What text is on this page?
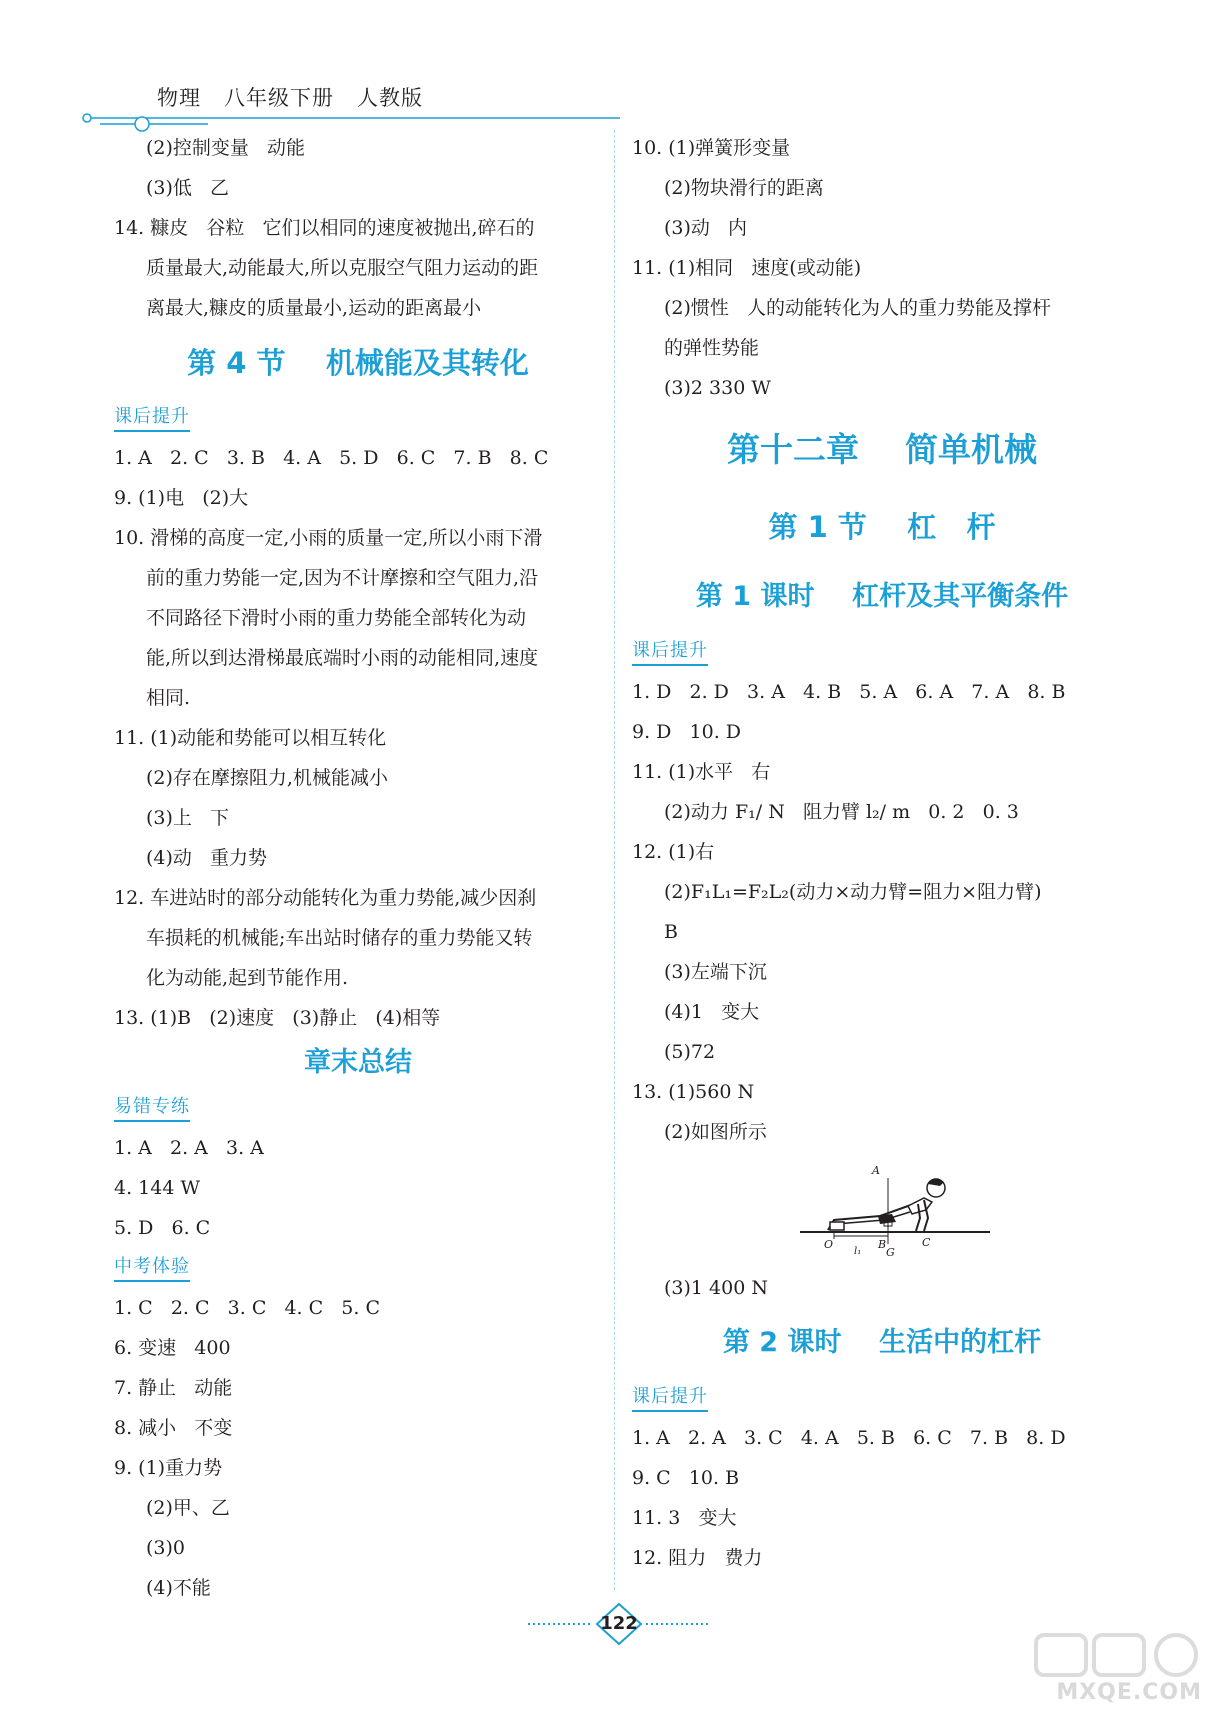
物理   八年级下册   人教版
(2)控制变量   动能
(3)低   乙
14. 糠皮   谷粒   它们以相同的速度被抛出,碎石的
质量最大,动能最大,所以克服空气阻力运动的距
离最大,糠皮的质量最小,运动的距离最小
第 4 节    机械能及其转化
课后提升
1. A   2. C   3. B   4. A   5. D   6. C   7. B   8. C
9. (1)电   (2)大
10. 滑梯的高度一定,小雨的质量一定,所以小雨下滑
前的重力势能一定,因为不计摩擦和空气阻力,沿
不同路径下滑时小雨的重力势能全部转化为动
能,所以到达滑梯最底端时小雨的动能相同,速度
相同.
11. (1)动能和势能可以相互转化
(2)存在摩擦阻力,机械能减小
(3)上   下
(4)动   重力势
12. 车进站时的部分动能转化为重力势能,减少因刹
车损耗的机械能;车出站时储存的重力势能又转
化为动能,起到节能作用.
13. (1)B   (2)速度   (3)静止   (4)相等
章末总结
易错专练
1. A   2. A   3. A
4. 144 W
5. D   6. C
中考体验
1. C   2. C   3. C   4. C   5. C
6. 变速   400
7. 静止   动能
8. 减小   不变
9. (1)重力势
(2)甲、乙
(3)0
(4)不能
10. (1)弹簧形变量
(2)物块滑行的距离
(3)动   内
11. (1)相同   速度(或动能)
(2)惯性   人的动能转化为人的重力势能及撑杆
的弹性势能
(3)2 330 W
第十二章    简单机械
第 1 节    杠   杆
第 1 课时    杠杆及其平衡条件
课后提升
1. D   2. D   3. A   4. B   5. A   6. A   7. A   8. B
9. D   10. D
11. (1)水平   右
(2)动力 F₁/ N   阻力臂 l₂/ m   0. 2   0. 3
12. (1)右
(2)F₁L₁=F₂L₂(动力×动力臂=阻力×阻力臂)
B
(3)左端下沉
(4)1   变大
(5)72
13. (1)560 N
(2)如图所示
A
O
l₁
B
G
C
(3)1 400 N
第 2 课时    生活中的杠杆
课后提升
1. A   2. A   3. C   4. A   5. B   6. C   7. B   8. D
9. C   10. B
11. 3   变大
12. 阻力   费力
122
MXQE.COM
